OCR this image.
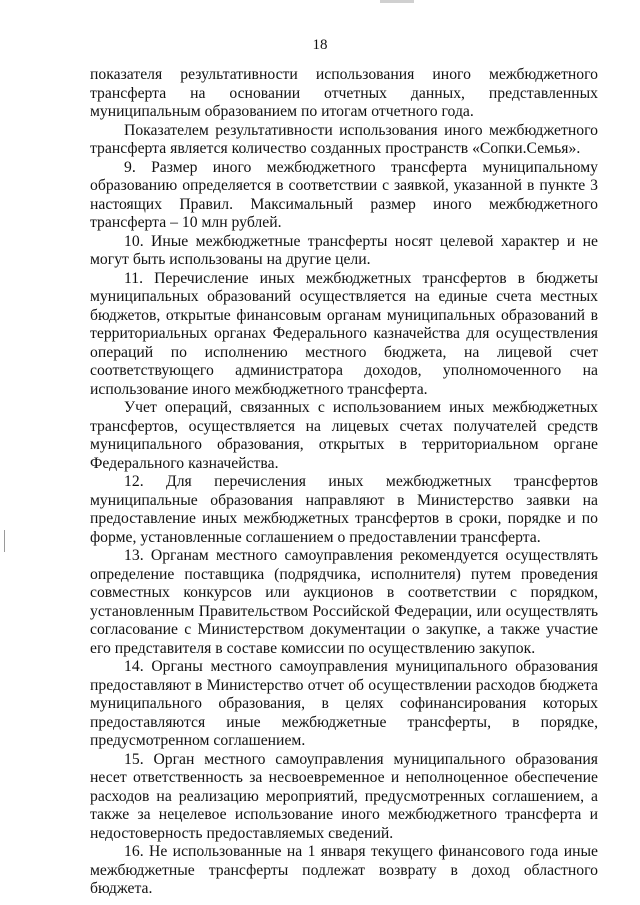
18

показателя результативности использования иного межбюджетного трансферта на основании отчетных данных, представленных муниципальным образованием по итогам отчетного года.

Показателем результативности использования иного межбюджетного трансферта является количество созданных пространств «Сопки.Семья».

9. Размер иного межбюджетного трансферта муниципальному образованию определяется в соответствии с заявкой, указанной в пункте 3 настоящих Правил. Максимальный размер иного межбюджетного трансферта – 10 млн рублей.

10. Иные межбюджетные трансферты носят целевой характер и не могут быть использованы на другие цели.

11. Перечисление иных межбюджетных трансфертов в бюджеты муниципальных образований осуществляется на единые счета местных бюджетов, открытые финансовым органам муниципальных образований в территориальных органах Федерального казначейства для осуществления операций по исполнению местного бюджета, на лицевой счет соответствующего администратора доходов, уполномоченного на использование иного межбюджетного трансферта.

Учет операций, связанных с использованием иных межбюджетных трансфертов, осуществляется на лицевых счетах получателей средств муниципального образования, открытых в территориальном органе Федерального казначейства.

12. Для перечисления иных межбюджетных трансфертов муниципальные образования направляют в Министерство заявки на предоставление иных межбюджетных трансфертов в сроки, порядке и по форме, установленные соглашением о предоставлении трансферта.

13. Органам местного самоуправления рекомендуется осуществлять определение поставщика (подрядчика, исполнителя) путем проведения совместных конкурсов или аукционов в соответствии с порядком, установленным Правительством Российской Федерации, или осуществлять согласование с Министерством документации о закупке, а также участие его представителя в составе комиссии по осуществлению закупок.

14. Органы местного самоуправления муниципального образования предоставляют в Министерство отчет об осуществлении расходов бюджета муниципального образования, в целях софинансирования которых предоставляются иные межбюджетные трансферты, в порядке, предусмотренном соглашением.

15. Орган местного самоуправления муниципального образования несет ответственность за несвоевременное и неполноценное обеспечение расходов на реализацию мероприятий, предусмотренных соглашением, а также за нецелевое использование иного межбюджетного трансферта и недостоверность предоставляемых сведений.

16. Не использованные на 1 января текущего финансового года иные межбюджетные трансферты подлежат возврату в доход областного бюджета.
